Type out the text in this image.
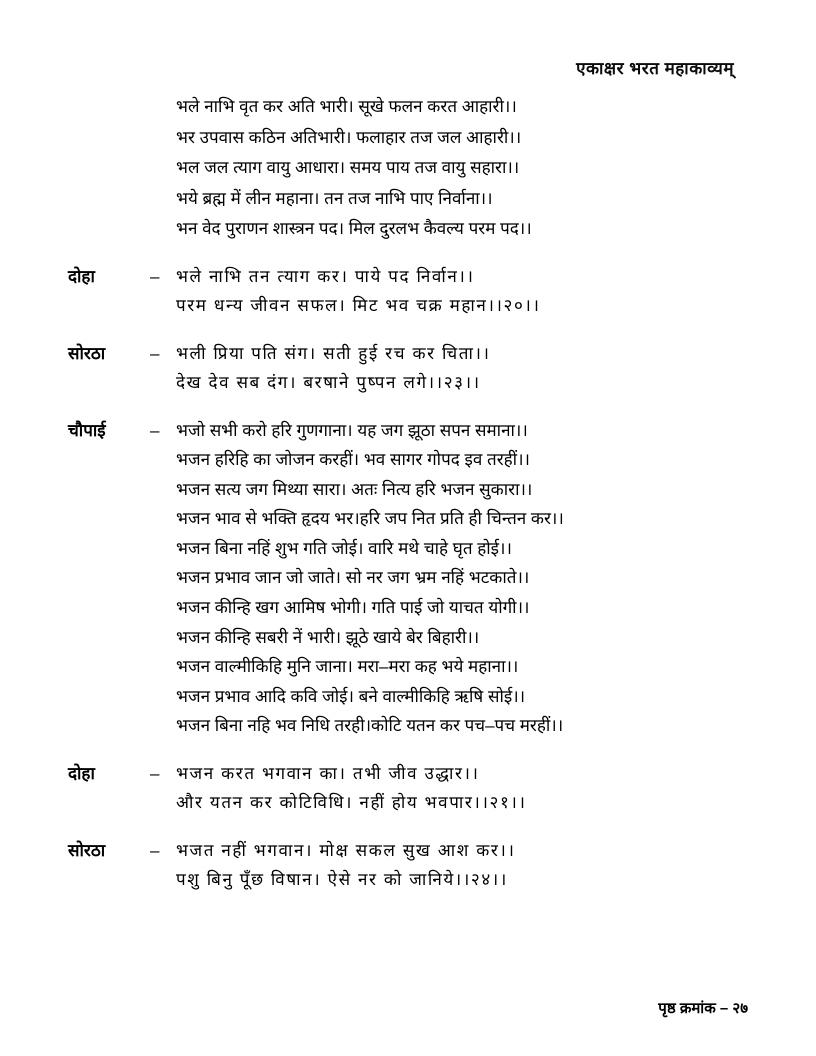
एकाक्षर भरत महाकाव्यम्
भले नाभि वृत कर अति भारी। सूखे फलन करत आहारी।।
भर उपवास कठिन अतिभारी। फलाहार तज जल आहारी।।
भल जल त्याग वायु आधारा। समय पाय तज वायु सहारा।।
भये ब्रह्म में लीन महाना। तन तज नाभि पाए निर्वाना।।
भन वेद पुराणन शास्त्रन पद। मिल दुरलभ कैवल्य परम पद।।
दोहा	– भले नाभि तन त्याग कर। पाये पद निर्वान।।
परम धन्य जीवन सफल। मिट भव चक्र महान।।२०।।
सोरठा	– भली प्रिया पति संग। सती हुई रच कर चिता।।
देख देव सब दंग। बरषाने पुष्पन लगे।।२३।।
चौपाई	– भजो सभी करो हरि गुणगाना। यह जग झूठा सपन समाना।।
भजन हरिहि का जोजन करहीं। भव सागर गोपद इव तरहीं।।
भजन सत्य जग मिथ्या सारा। अतः नित्य हरि भजन सुकारा।।
भजन भाव से भक्ति हृदय भर।हरि जप नित प्रति ही चिन्तन कर।।
भजन बिना नहिं शुभ गति जोई। वारि मथे चाहे घृत होई।।
भजन प्रभाव जान जो जाते। सो नर जग भ्रम नहिं भटकाते।।
भजन कीन्हि खग आमिष भोगी। गति पाई जो याचत योगी।।
भजन कीन्हि सबरी नें भारी। झूठे खाये बेर बिहारी।।
भजन वाल्मीकिहि मुनि जाना। मरा–मरा कह भये महाना।।
भजन प्रभाव आदि कवि जोई। बने वाल्मीकिहि ऋषि सोई।।
भजन बिना नहि भव निधि तरही।कोटि यतन कर पच–पच मरहीं।।
दोहा	– भजन करत भगवान का। तभी जीव उद्धार।।
और यतन कर कोटिविधि। नहीं होय भवपार।।२१।।
सोरठा	– भजत नहीं भगवान। मोक्ष सकल सुख आश कर।।
पशु बिनु पूँछ विषान। ऐसे नर को जानिये।।२४।।
पृष्ठ क्रमांक – २७
